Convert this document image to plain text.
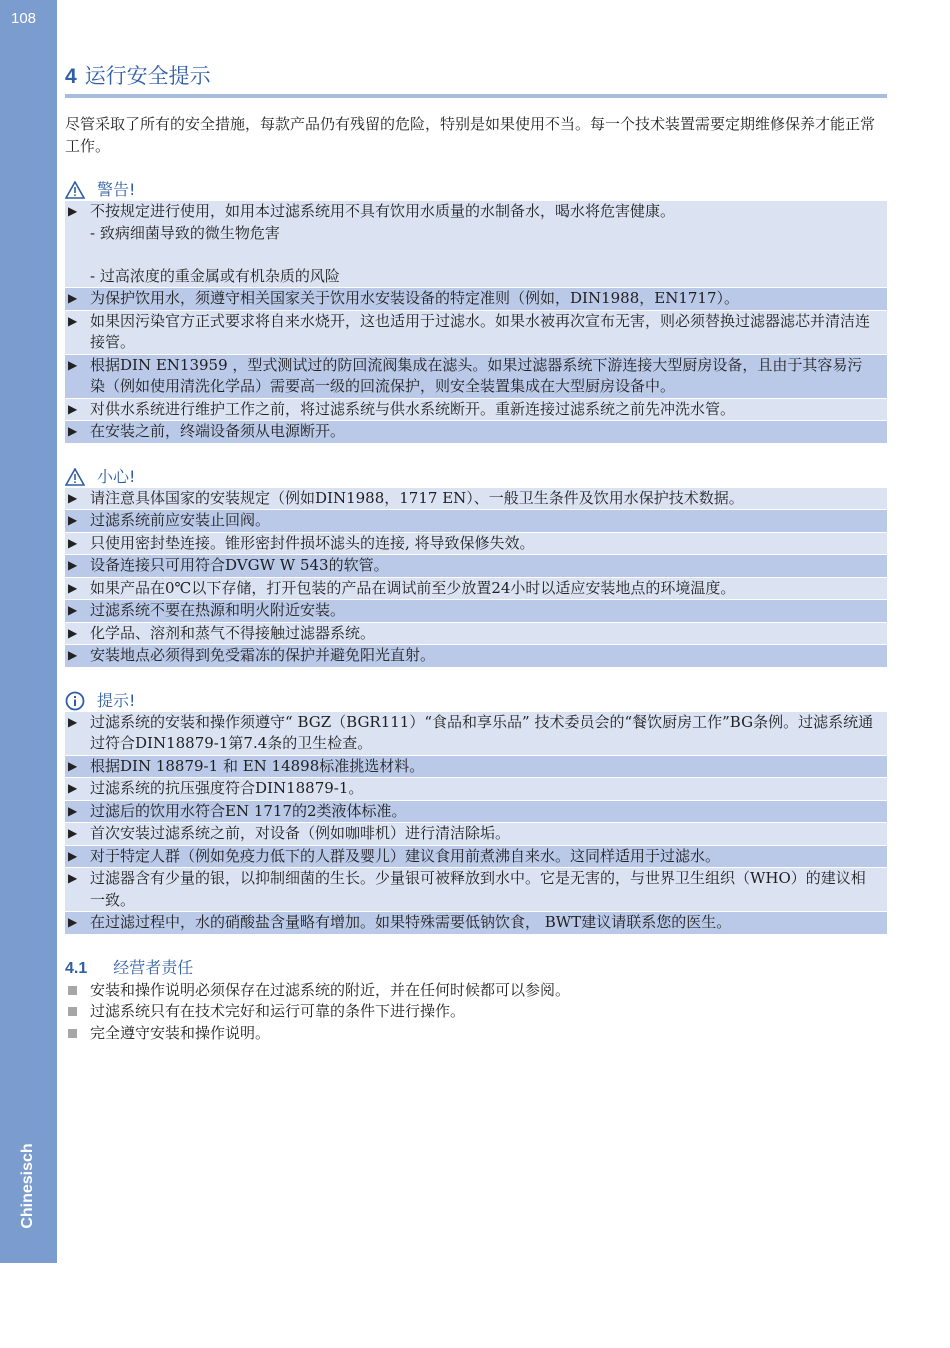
108
Chinesisch
4 运行安全提示

尽管采取了所有的安全措施，每款产品仍有残留的危险，特别是如果使用不当。每一个技术装置需要定期维修保养才能正常工作。

警告!
▶ 不按规定进行使用，如用本过滤系统用不具有饮用水质量的水制备水，喝水将危害健康。
- 致病细菌导致的微生物危害

- 过高浓度的重金属或有机杂质的风险
▶ 为保护饮用水，须遵守相关国家关于饮用水安装设备的特定准则（例如，DIN1988，EN1717）。
▶ 如果因污染官方正式要求将自来水烧开，这也适用于过滤水。如果水被再次宣布无害，则必须替换过滤器滤芯并清洁连接管。
▶ 根据DIN EN13959 ，型式测试过的防回流阀集成在滤头。如果过滤器系统下游连接大型厨房设备，且由于其容易污染（例如使用清洗化学品）需要高一级的回流保护，则安全装置集成在大型厨房设备中。
▶ 对供水系统进行维护工作之前，将过滤系统与供水系统断开。重新连接过滤系统之前先冲洗水管。
▶ 在安装之前，终端设备须从电源断开。
小心!
▶ 请注意具体国家的安装规定（例如DIN1988，1717 EN）、一般卫生条件及饮用水保护技术数据。
▶ 过滤系统前应安装止回阀。
▶ 只使用密封垫连接。锥形密封件损坏滤头的连接, 将导致保修失效。
▶ 设备连接只可用符合DVGW W 543的软管。
▶ 如果产品在0℃以下存储，打开包装的产品在调试前至少放置24小时以适应安装地点的环境温度。
▶ 过滤系统不要在热源和明火附近安装。
▶ 化学品、溶剂和蒸气不得接触过滤器系统。
▶ 安装地点必须得到免受霜冻的保护并避免阳光直射。
提示!
▶ 过滤系统的安装和操作须遵守“ BGZ（BGR111）“食品和享乐品” 技术委员会的“餐饮厨房工作”BG条例。过滤系统通过符合DIN18879-1第7.4条的卫生检查。
▶ 根据DIN 18879-1 和 EN 14898标准挑选材料。
▶ 过滤系统的抗压强度符合DIN18879-1。
▶ 过滤后的饮用水符合EN 1717的2类液体标准。
▶ 首次安装过滤系统之前，对设备（例如咖啡机）进行清洁除垢。
▶ 对于特定人群（例如免疫力低下的人群及婴儿）建议食用前煮沸自来水。这同样适用于过滤水。
▶ 过滤器含有少量的银，以抑制细菌的生长。少量银可被释放到水中。它是无害的，与世界卫生组织（WHO）的建议相一致。
▶ 在过滤过程中，水的硝酸盐含量略有增加。如果特殊需要低钠饮食， BWT建议请联系您的医生。
4.1 经营者责任
安装和操作说明必须保存在过滤系统的附近，并在任何时候都可以参阅。
过滤系统只有在技术完好和运行可靠的条件下进行操作。
完全遵守安装和操作说明。
